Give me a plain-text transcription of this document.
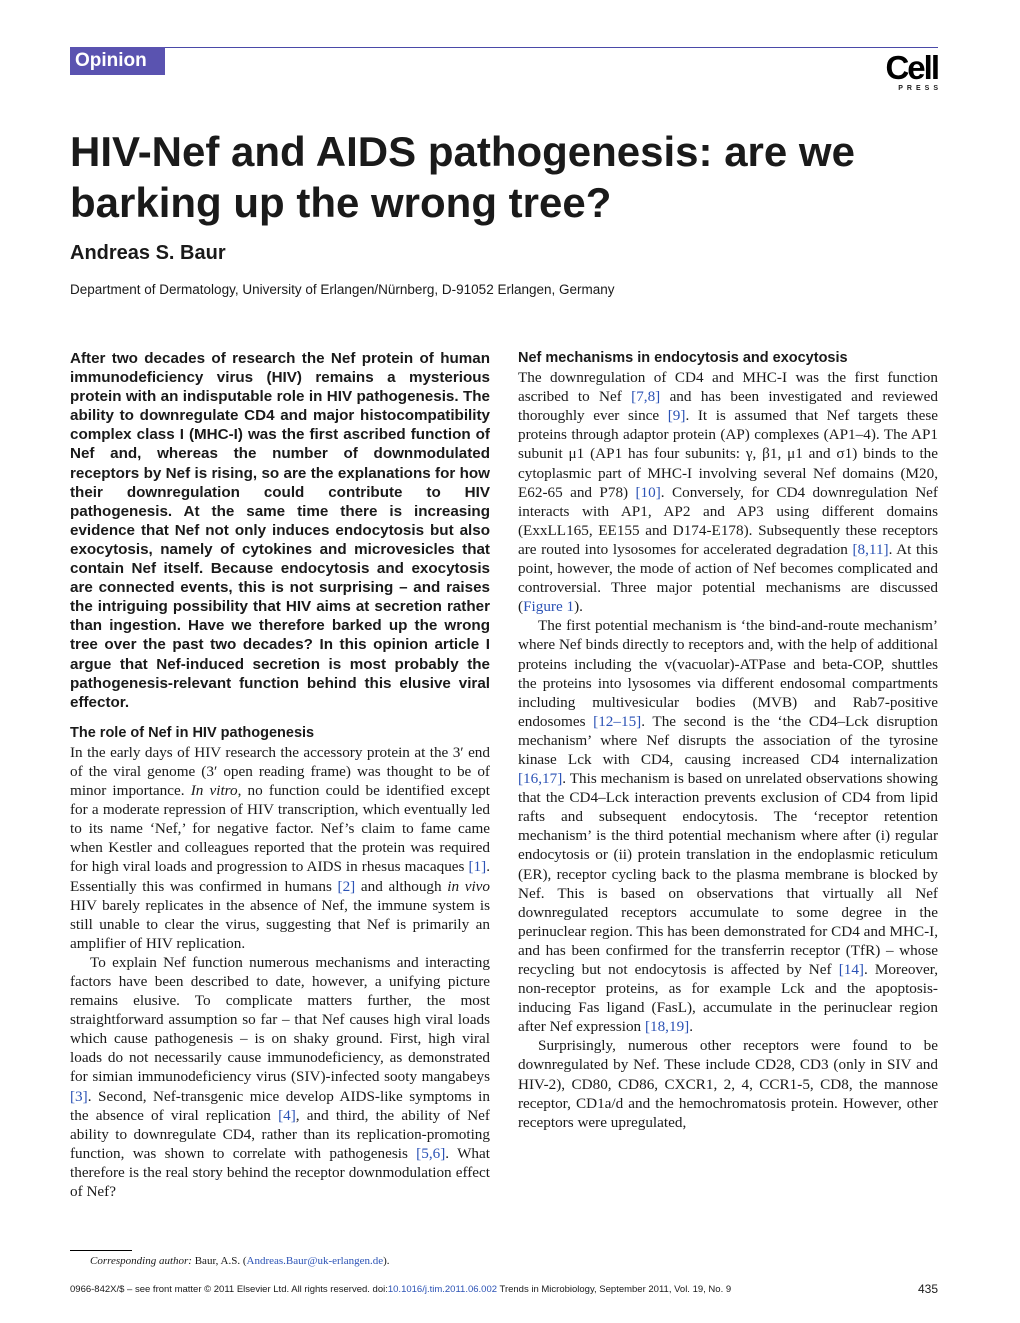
Opinion	Cell
PRESS
HIV-Nef and AIDS pathogenesis: are we barking up the wrong tree?

Andreas S. Baur

Department of Dermatology, University of Erlangen/Nürnberg, D-91052 Erlangen, Germany

After two decades of research the Nef protein of human immunodeficiency virus (HIV) remains a mysterious protein with an indisputable role in HIV pathogenesis. The ability to downregulate CD4 and major histocompatibility complex class I (MHC-I) was the first ascribed function of Nef and, whereas the number of downmodulated receptors by Nef is rising, so are the explanations for how their downregulation could contribute to HIV pathogenesis. At the same time there is increasing evidence that Nef not only induces endocytosis but also exocytosis, namely of cytokines and microvesicles that contain Nef itself. Because endocytosis and exocytosis are connected events, this is not surprising – and raises the intriguing possibility that HIV aims at secretion rather than ingestion. Have we therefore barked up the wrong tree over the past two decades? In this opinion article I argue that Nef-induced secretion is most probably the pathogenesis-relevant function behind this elusive viral effector.

The role of Nef in HIV pathogenesis

In the early days of HIV research the accessory protein at the 3′ end of the viral genome (3′ open reading frame) was thought to be of minor importance. In vitro, no function could be identified except for a moderate repression of HIV transcription, which eventually led to its name ‘Nef,’ for negative factor. Nef’s claim to fame came when Kestler and colleagues reported that the protein was required for high viral loads and progression to AIDS in rhesus macaques [1]. Essentially this was confirmed in humans [2] and although in vivo HIV barely replicates in the absence of Nef, the immune system is still unable to clear the virus, suggesting that Nef is primarily an amplifier of HIV replication.

To explain Nef function numerous mechanisms and interacting factors have been described to date, however, a unifying picture remains elusive. To complicate matters further, the most straightforward assumption so far – that Nef causes high viral loads which cause pathogenesis – is on shaky ground. First, high viral loads do not necessarily cause immunodeficiency, as demonstrated for simian immunodeficiency virus (SIV)-infected sooty mangabeys [3]. Second, Nef-transgenic mice develop AIDS-like symptoms in the absence of viral replication [4], and third, the ability of Nef ability to downregulate CD4, rather than its replication-promoting function, was shown to correlate with pathogenesis [5,6]. What therefore is the real story behind the receptor downmodulation effect of Nef?

Nef mechanisms in endocytosis and exocytosis

The downregulation of CD4 and MHC-I was the first function ascribed to Nef [7,8] and has been investigated and reviewed thoroughly ever since [9]. It is assumed that Nef targets these proteins through adaptor protein (AP) complexes (AP1–4). The AP1 subunit μ1 (AP1 has four subunits: γ, β1, μ1 and σ1) binds to the cytoplasmic part of MHC-I involving several Nef domains (M20, E62-65 and P78) [10]. Conversely, for CD4 downregulation Nef interacts with AP1, AP2 and AP3 using different domains (ExxLL165, EE155 and D174-E178). Subsequently these receptors are routed into lysosomes for accelerated degradation [8,11]. At this point, however, the mode of action of Nef becomes complicated and controversial. Three major potential mechanisms are discussed (Figure 1).

The first potential mechanism is ‘the bind-and-route mechanism’ where Nef binds directly to receptors and, with the help of additional proteins including the v(vacuolar)-ATPase and beta-COP, shuttles the proteins into lysosomes via different endosomal compartments including multivesicular bodies (MVB) and Rab7-positive endosomes [12–15]. The second is the ‘the CD4–Lck disruption mechanism’ where Nef disrupts the association of the tyrosine kinase Lck with CD4, causing increased CD4 internalization [16,17]. This mechanism is based on unrelated observations showing that the CD4–Lck interaction prevents exclusion of CD4 from lipid rafts and subsequent endocytosis. The ‘receptor retention mechanism’ is the third potential mechanism where after (i) regular endocytosis or (ii) protein translation in the endoplasmic reticulum (ER), receptor cycling back to the plasma membrane is blocked by Nef. This is based on observations that virtually all Nef downregulated receptors accumulate to some degree in the perinuclear region. This has been demonstrated for CD4 and MHC-I, and has been confirmed for the transferrin receptor (TfR) – whose recycling but not endocytosis is affected by Nef [14]. Moreover, non-receptor proteins, as for example Lck and the apoptosis-inducing Fas ligand (FasL), accumulate in the perinuclear region after Nef expression [18,19].

Surprisingly, numerous other receptors were found to be downregulated by Nef. These include CD28, CD3 (only in SIV and HIV-2), CD80, CD86, CXCR1, 2, 4, CCR1-5, CD8, the mannose receptor, CD1a/d and the hemochromatosis protein. However, other receptors were upregulated,

Corresponding author: Baur, A.S. (Andreas.Baur@uk-erlangen.de).

0966-842X/$ – see front matter © 2011 Elsevier Ltd. All rights reserved. doi:10.1016/j.tim.2011.06.002 Trends in Microbiology, September 2011, Vol. 19, No. 9	435
